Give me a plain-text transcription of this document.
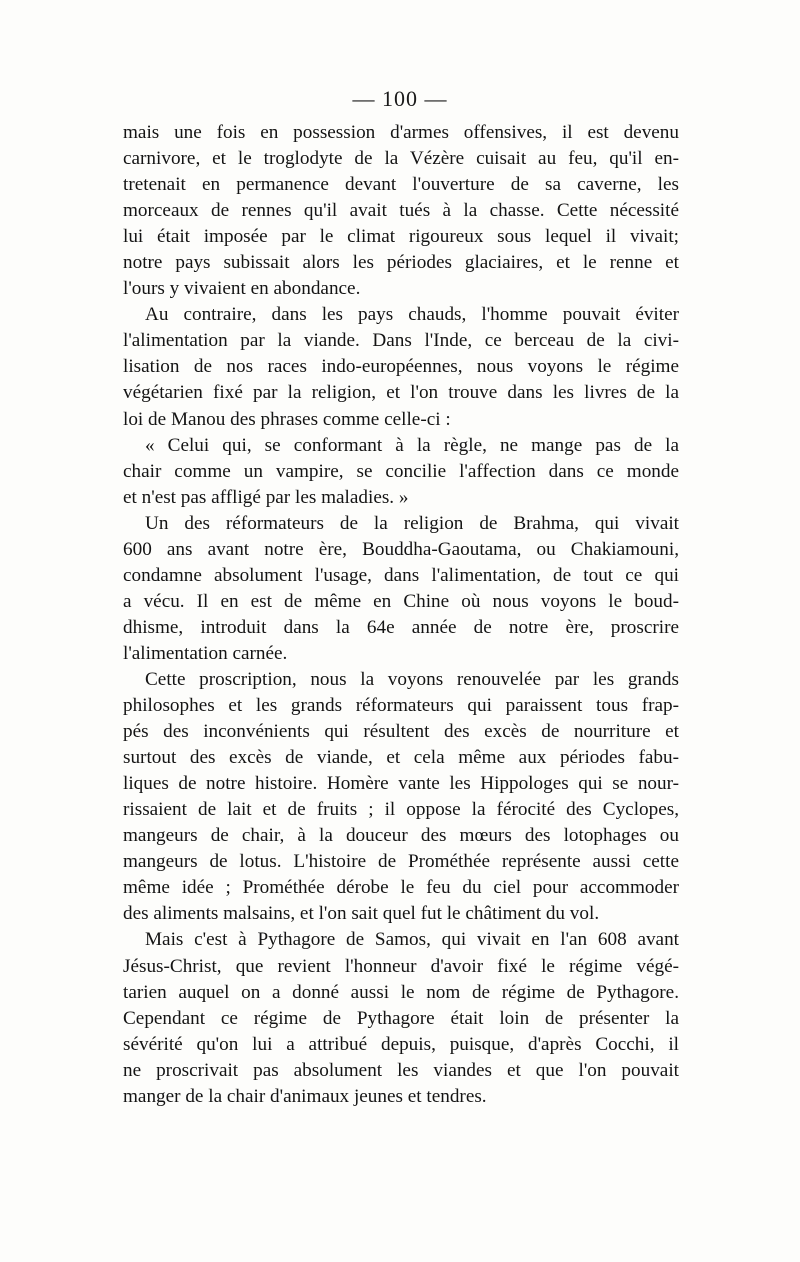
— 100 —
mais une fois en possession d'armes offensives, il est devenu
carnivore, et le troglodyte de la Vézère cuisait au feu, qu'il en-
tretenait en permanence devant l'ouverture de sa caverne, les
morceaux de rennes qu'il avait tués à la chasse. Cette nécessité
lui était imposée par le climat rigoureux sous lequel il vivait;
notre pays subissait alors les périodes glaciaires, et le renne et
l'ours y vivaient en abondance.
Au contraire, dans les pays chauds, l'homme pouvait éviter
l'alimentation par la viande. Dans l'Inde, ce berceau de la civi-
lisation de nos races indo-européennes, nous voyons le régime
végétarien fixé par la religion, et l'on trouve dans les livres de la
loi de Manou des phrases comme celle-ci :
« Celui qui, se conformant à la règle, ne mange pas de la
chair comme un vampire, se concilie l'affection dans ce monde
et n'est pas affligé par les maladies. »
Un des réformateurs de la religion de Brahma, qui vivait
600 ans avant notre ère, Bouddha-Gaoutama, ou Chakiamouni,
condamne absolument l'usage, dans l'alimentation, de tout ce qui
a vécu. Il en est de même en Chine où nous voyons le boud-
dhisme, introduit dans la 64e année de notre ère, proscrire
l'alimentation carnée.
Cette proscription, nous la voyons renouvelée par les grands
philosophes et les grands réformateurs qui paraissent tous frap-
pés des inconvénients qui résultent des excès de nourriture et
surtout des excès de viande, et cela même aux périodes fabu-
liques de notre histoire. Homère vante les Hippologes qui se nour-
rissaient de lait et de fruits ; il oppose la férocité des Cyclopes,
mangeurs de chair, à la douceur des mœurs des lotophages ou
mangeurs de lotus. L'histoire de Prométhée représente aussi cette
même idée ; Prométhée dérobe le feu du ciel pour accommoder
des aliments malsains, et l'on sait quel fut le châtiment du vol.
Mais c'est à Pythagore de Samos, qui vivait en l'an 608 avant
Jésus-Christ, que revient l'honneur d'avoir fixé le régime végé-
tarien auquel on a donné aussi le nom de régime de Pythagore.
Cependant ce régime de Pythagore était loin de présenter la
sévérité qu'on lui a attribué depuis, puisque, d'après Cocchi, il
ne proscrivait pas absolument les viandes et que l'on pouvait
manger de la chair d'animaux jeunes et tendres.
